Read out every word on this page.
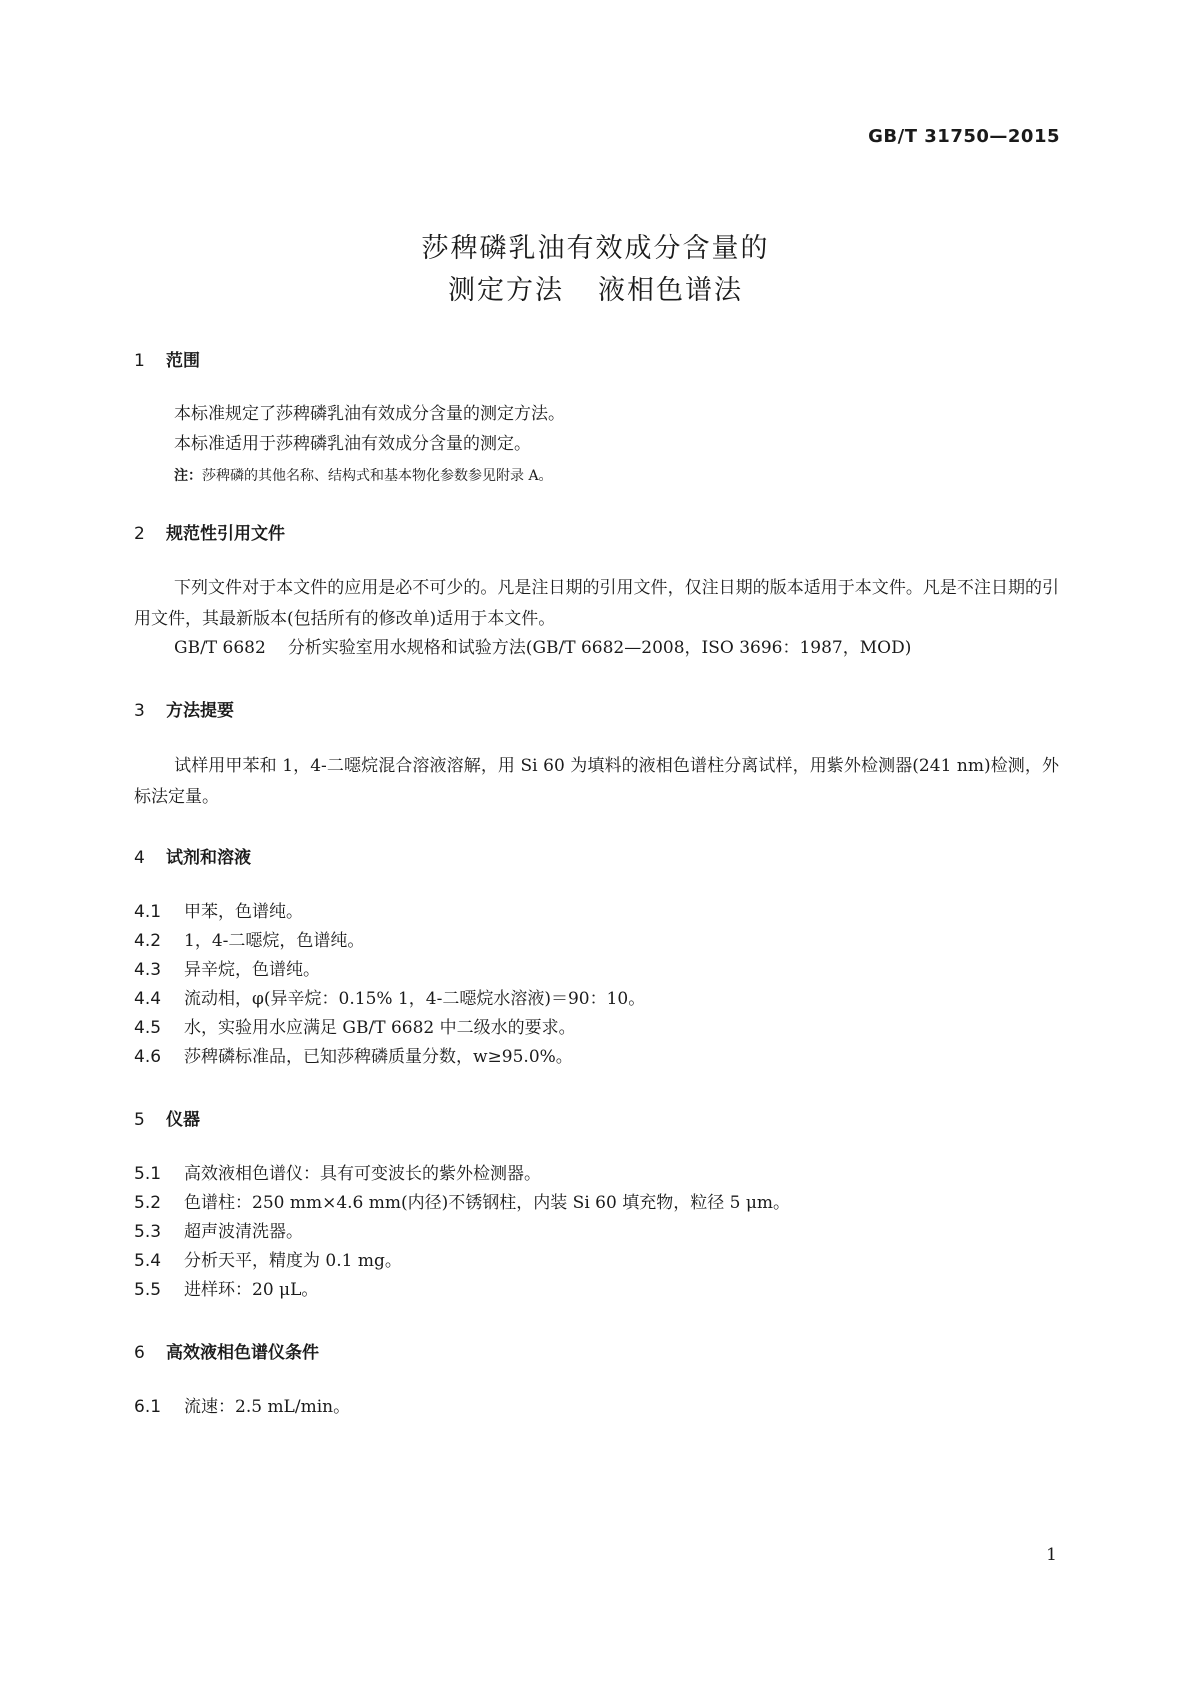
GB/T 31750—2015
莎稗磷乳油有效成分含量的
测定方法 液相色谱法
1 范围
本标准规定了莎稗磷乳油有效成分含量的测定方法。
本标准适用于莎稗磷乳油有效成分含量的测定。
注：莎稗磷的其他名称、结构式和基本物化参数参见附录 A。
2 规范性引用文件
下列文件对于本文件的应用是必不可少的。凡是注日期的引用文件，仅注日期的版本适用于本文件。凡是不注日期的引用文件，其最新版本(包括所有的修改单)适用于本文件。
GB/T 6682 分析实验室用水规格和试验方法(GB/T 6682—2008，ISO 3696：1987，MOD)
3 方法提要
试样用甲苯和 1，4-二噁烷混合溶液溶解，用 Si 60 为填料的液相色谱柱分离试样，用紫外检测器(241 nm)检测，外标法定量。
4 试剂和溶液
4.1 甲苯，色谱纯。
4.2 1，4-二噁烷，色谱纯。
4.3 异辛烷，色谱纯。
4.4 流动相，φ(异辛烷：0.15% 1，4-二噁烷水溶液)＝90：10。
4.5 水，实验用水应满足 GB/T 6682 中二级水的要求。
4.6 莎稗磷标准品，已知莎稗磷质量分数，w≥95.0%。
5 仪器
5.1 高效液相色谱仪：具有可变波长的紫外检测器。
5.2 色谱柱：250 mm×4.6 mm(内径)不锈钢柱，内装 Si 60 填充物，粒径 5 μm。
5.3 超声波清洗器。
5.4 分析天平，精度为 0.1 mg。
5.5 进样环：20 μL。
6 高效液相色谱仪条件
6.1 流速：2.5 mL/min。
1
